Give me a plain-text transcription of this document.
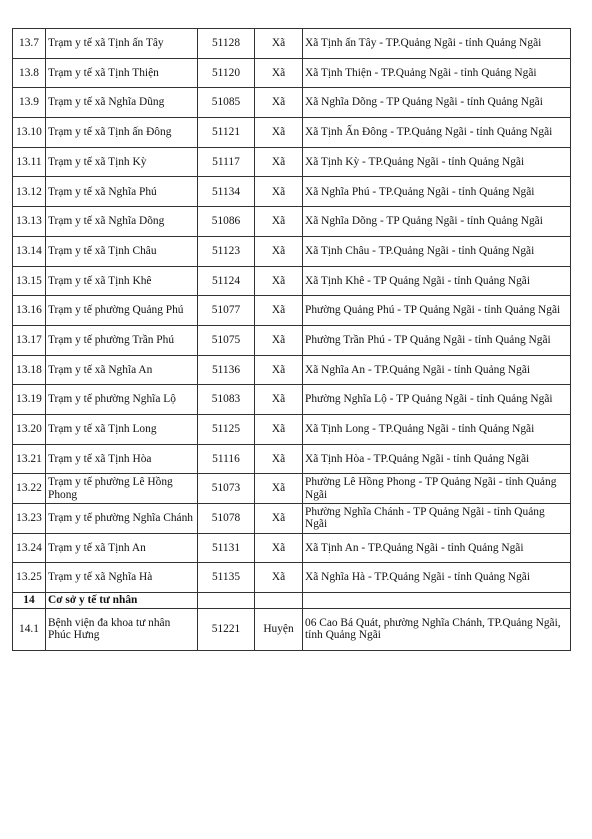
13.7	Trạm y tế xã Tịnh ấn Tây	51128	Xã	Xã Tịnh ấn Tây - TP.Quảng Ngãi - tỉnh Quảng Ngãi
13.8	Trạm y tế xã Tịnh Thiện	51120	Xã	Xã Tịnh Thiện - TP.Quảng Ngãi - tỉnh Quảng Ngãi
13.9	Trạm y tế xã Nghĩa Dũng	51085	Xã	Xã Nghĩa Dõng - TP Quảng Ngãi - tỉnh Quảng Ngãi
13.10	Trạm y tế xã Tịnh ấn Đông	51121	Xã	Xã Tịnh Ấn Đông - TP.Quảng Ngãi - tỉnh Quảng Ngãi
13.11	Trạm y tế xã Tịnh Kỳ	51117	Xã	Xã Tịnh Kỳ - TP.Quảng Ngãi - tỉnh Quảng Ngãi
13.12	Trạm y tế xã Nghĩa Phú	51134	Xã	Xã Nghĩa Phú - TP.Quảng Ngãi - tỉnh Quảng Ngãi
13.13	Trạm y tế xã Nghĩa Dõng	51086	Xã	Xã Nghĩa Dõng - TP Quảng Ngãi - tỉnh Quảng Ngãi
13.14	Trạm y tế xã Tịnh Châu	51123	Xã	Xã Tịnh Châu - TP.Quảng Ngãi - tỉnh Quảng Ngãi
13.15	Trạm y tế xã Tịnh Khê	51124	Xã	Xã Tịnh Khê - TP Quảng Ngãi - tỉnh Quảng Ngãi
13.16	Trạm y tế phường Quảng Phú	51077	Xã	Phường Quảng Phú - TP Quảng Ngãi - tỉnh Quảng Ngãi
13.17	Trạm y tế phường Trần Phú	51075	Xã	Phường Trần Phú - TP Quảng Ngãi - tỉnh Quảng Ngãi
13.18	Trạm y tế xã Nghĩa An	51136	Xã	Xã Nghĩa An - TP.Quảng Ngãi - tỉnh Quảng Ngãi
13.19	Trạm y tế phường Nghĩa Lộ	51083	Xã	Phường Nghĩa Lộ - TP Quảng Ngãi - tỉnh Quảng Ngãi
13.20	Trạm y tế xã Tịnh Long	51125	Xã	Xã Tịnh Long - TP.Quảng Ngãi - tỉnh Quảng Ngãi
13.21	Trạm y tế xã Tịnh Hòa	51116	Xã	Xã Tịnh Hòa - TP.Quảng Ngãi - tỉnh Quảng Ngãi
13.22	Trạm y tế phường Lê Hồng Phong	51073	Xã	Phường Lê Hồng Phong - TP Quảng Ngãi - tỉnh Quảng Ngãi
13.23	Trạm y tế phường Nghĩa Chánh	51078	Xã	Phường Nghĩa Chánh - TP Quảng Ngãi - tỉnh Quảng Ngãi
13.24	Trạm y tế xã Tịnh An	51131	Xã	Xã Tịnh An - TP.Quảng Ngãi - tỉnh Quảng Ngãi
13.25	Trạm y tế xã Nghĩa Hà	51135	Xã	Xã Nghĩa Hà - TP.Quảng Ngãi - tỉnh Quảng Ngãi
14	Cơ sở y tế tư nhân			
14.1	Bệnh viện đa khoa tư nhân Phúc Hưng	51221	Huyện	06 Cao Bá Quát, phường Nghĩa Chánh, TP.Quảng Ngãi, tỉnh Quảng Ngãi
